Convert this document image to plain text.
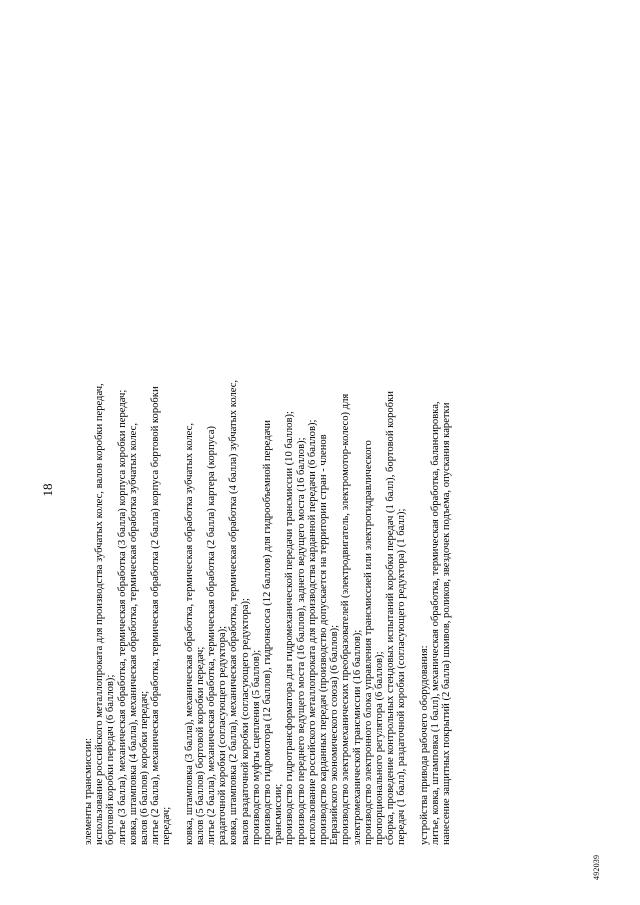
18
элементы трансмиссии: использование российского металлопроката для производства зубчатых колес, валов коробки передач, бортовой коробки передач (6 баллов); литье (3 балла), механическая обработка, термическая обработка (3 балла) корпуса коробки передач; ковка, штамповка (4 балла), механическая обработка, термическая обработка зубчатых колес, валов (6 баллов) коробки передач; литье (2 балла), механическая обработка, термическая обработка (2 балла) корпуса бортовой коробки передач; ковка, штамповка (3 балла), механическая обработка, термическая обработка зубчатых колес, валов (5 баллов) бортовой коробки передач; литье (2 балла), механическая обработка, термическая обработка (2 балла) картера (корпуса) раздаточной коробки (согласующего редуктора); ковка, штамповка (2 балла), механическая обработка, термическая обработка (4 балла) зубчатых колес, валов раздаточной коробки (согласующего редуктора); производство муфты сцепления (5 баллов); производство гидромотора (12 баллов), гидронасоса (12 баллов) для гидрообъемной передачи трансмиссии; производство гидротрансформатора для гидромеханической передачи трансмиссии (10 баллов); производство переднего ведущего моста (16 баллов), заднего ведущего моста (16 баллов); использование российского металлопроката для производства карданной передачи (6 баллов); производство карданных передач (производство допускается на территории стран - членов Евразийского экономического союза) (6 баллов); производство электромеханических преобразователей (электродвигатель, электромотор-колесо) для электромеханической трансмиссии (16 баллов); производство электронного блока управления трансмиссией или электрогидравлического пропорционального регулятора (6 баллов); сборка, проведение контрольных стендовых испытаний коробки передач (1 балл), бортовой коробки передач (1 балл), раздаточной коробки (согласующего редуктора) (1 балл); устройства привода рабочего оборудования: литье, ковка, штамповка (1 балл), механическая обработка, термическая обработка, балансировка, нанесение защитных покрытий (2 балла) шкивов, роликов, звездочек подъема, опускания каретки
492039
